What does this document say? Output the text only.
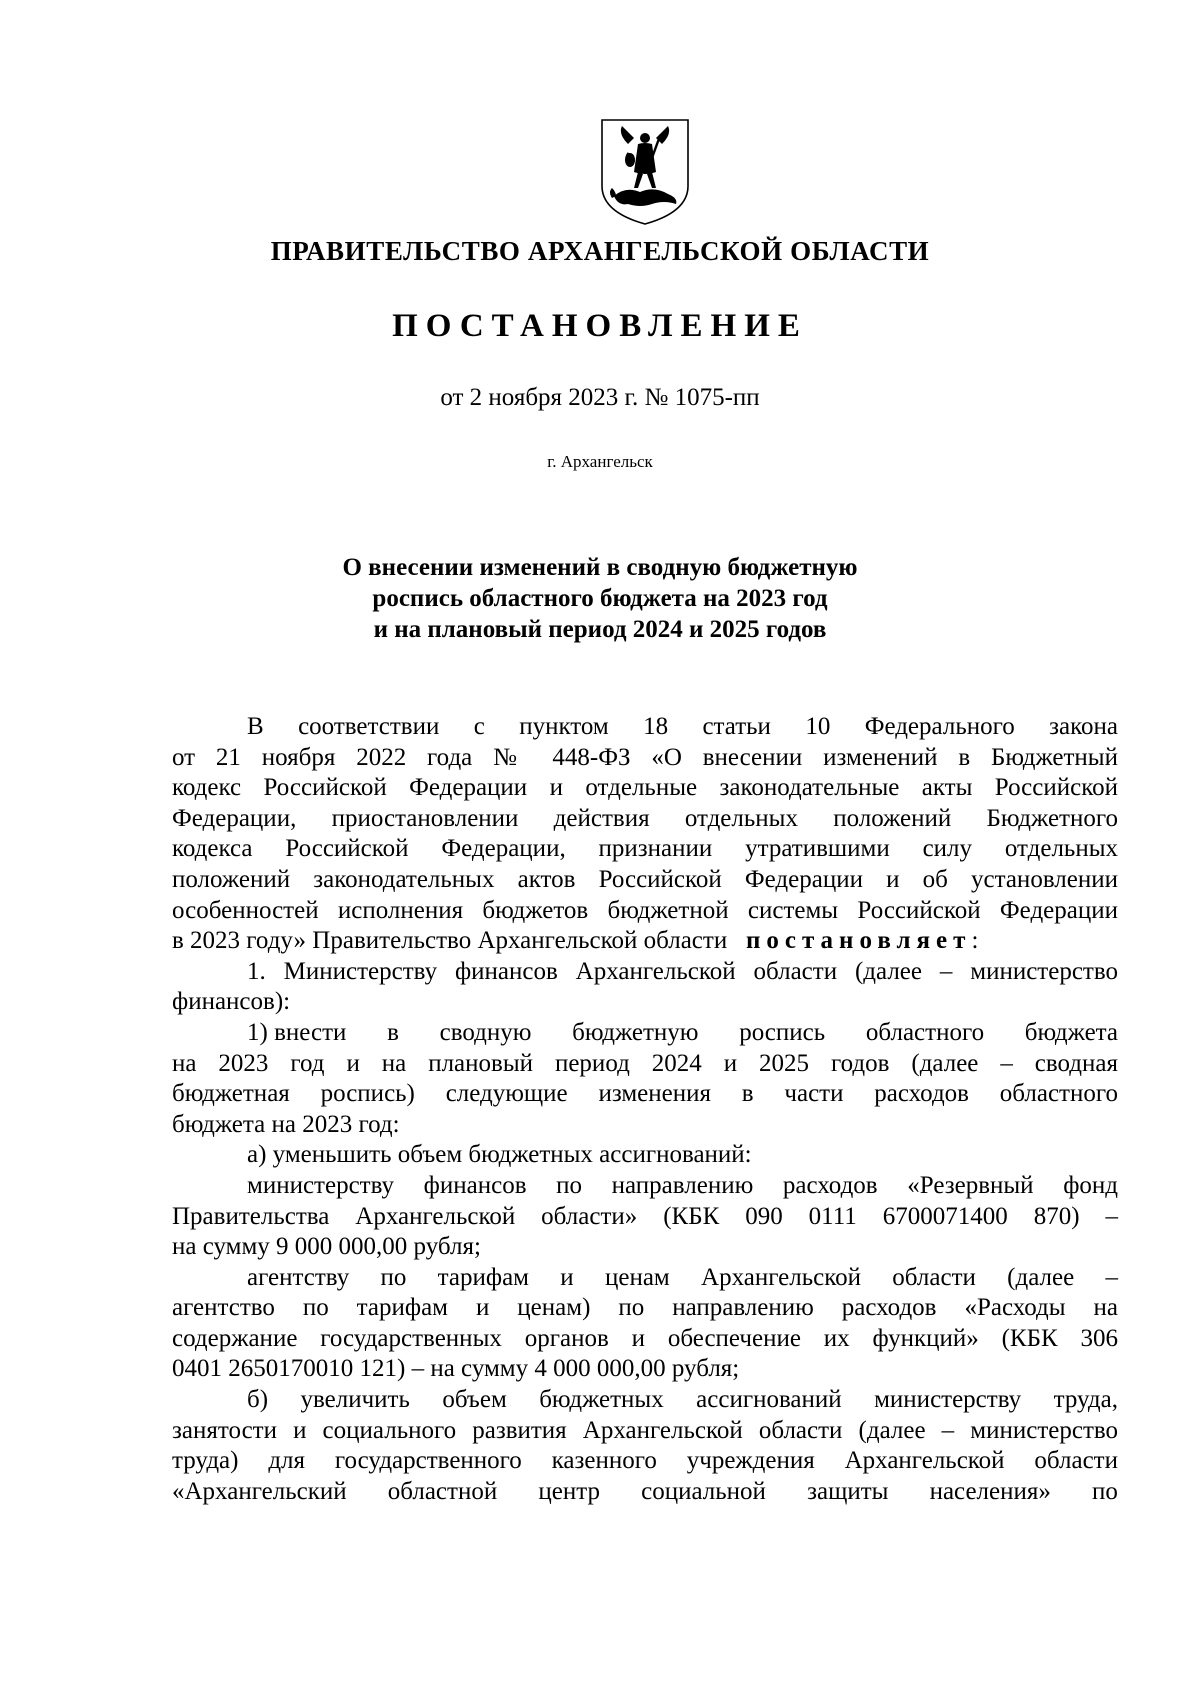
ПРАВИТЕЛЬСТВО АРХАНГЕЛЬСКОЙ ОБЛАСТИ
ПОСТАНОВЛЕНИЕ
от 2 ноября 2023 г. № 1075-пп
г. Архангельск
О внесении изменений в сводную бюджетную
роспись областного бюджета на 2023 год
и на плановый период 2024 и 2025 годов
В соответствии с пунктом 18 статьи 10 Федерального закона
от 21 ноября 2022 года № 448-ФЗ «О внесении изменений в Бюджетный
кодекс Российской Федерации и отдельные законодательные акты Российской
Федерации, приостановлении действия отдельных положений Бюджетного
кодекса Российской Федерации, признании утратившими силу отдельных
положений законодательных актов Российской Федерации и об установлении
особенностей исполнения бюджетов бюджетной системы Российской Федерации
в 2023 году» Правительство Архангельской области постановляет:
1. Министерству финансов Архангельской области (далее – министерство
финансов):
1) внести в сводную бюджетную роспись областного бюджета
на 2023 год и на плановый период 2024 и 2025 годов (далее – сводная
бюджетная роспись) следующие изменения в части расходов областного
бюджета на 2023 год:
а) уменьшить объем бюджетных ассигнований:
министерству финансов по направлению расходов «Резервный фонд
Правительства Архангельской области» (КБК 090 0111 6700071400 870) –
на сумму 9 000 000,00 рубля;
агентству по тарифам и ценам Архангельской области (далее –
агентство по тарифам и ценам) по направлению расходов «Расходы на
содержание государственных органов и обеспечение их функций» (КБК 306
0401 2650170010 121) – на сумму 4 000 000,00 рубля;
б) увеличить объем бюджетных ассигнований министерству труда,
занятости и социального развития Архангельской области (далее – министерство
труда) для государственного казенного учреждения Архангельской области
«Архангельский областной центр социальной защиты населения» по
